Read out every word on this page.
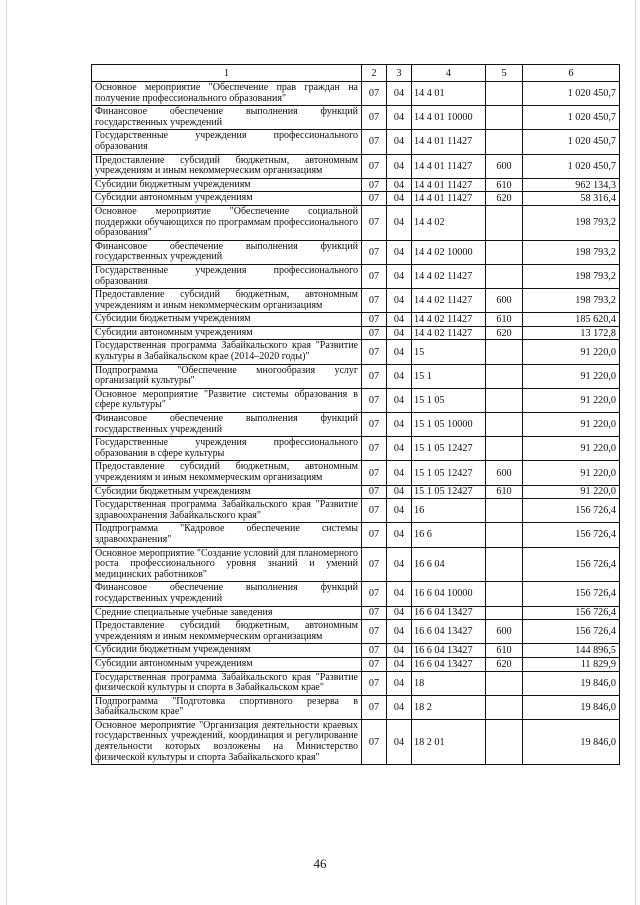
1	2	3	4	5	6
Основное мероприятие "Обеспечение прав граждан на получение профессионального образования"	07	04	14 4 01		1 020 450,7
Финансовое обеспечение выполнения функций государственных учреждений	07	04	14 4 01 10000		1 020 450,7
Государственные учреждения профессионального образования	07	04	14 4 01 11427		1 020 450,7
Предоставление субсидий бюджетным, автономным учреждениям и иным некоммерческим организациям	07	04	14 4 01 11427	600	1 020 450,7
Субсидии бюджетным учреждениям	07	04	14 4 01 11427	610	962 134,3
Субсидии автономным учреждениям	07	04	14 4 01 11427	620	58 316,4
Основное мероприятие "Обеспечение социальной поддержки обучающихся по программам профессионального образования"	07	04	14 4 02		198 793,2
Финансовое обеспечение выполнения функций государственных учреждений	07	04	14 4 02 10000		198 793,2
Государственные учреждения профессионального образования	07	04	14 4 02 11427		198 793,2
Предоставление субсидий бюджетным, автономным учреждениям и иным некоммерческим организациям	07	04	14 4 02 11427	600	198 793,2
Субсидии бюджетным учреждениям	07	04	14 4 02 11427	610	185 620,4
Субсидии автономным учреждениям	07	04	14 4 02 11427	620	13 172,8
Государственная программа Забайкальского края "Развитие культуры в Забайкальском крае (2014–2020 годы)"	07	04	15		91 220,0
Подпрограмма "Обеспечение многообразия услуг организаций культуры"	07	04	15 1		91 220,0
Основное мероприятие "Развитие системы образования в сфере культуры"	07	04	15 1 05		91 220,0
Финансовое обеспечение выполнения функций государственных учреждений	07	04	15 1 05 10000		91 220,0
Государственные учреждения профессионального образования в сфере культуры	07	04	15 1 05 12427		91 220,0
Предоставление субсидий бюджетным, автономным учреждениям и иным некоммерческим организациям	07	04	15 1 05 12427	600	91 220,0
Субсидии бюджетным учреждениям	07	04	15 1 05 12427	610	91 220,0
Государственная программа Забайкальского края "Развитие здравоохранения Забайкальского края"	07	04	16		156 726,4
Подпрограмма "Кадровое обеспечение системы здравоохранения"	07	04	16 6		156 726,4
Основное мероприятие "Создание условий для планомерного роста профессионального уровня знаний и умений медицинских работников"	07	04	16 6 04		156 726,4
Финансовое обеспечение выполнения функций государственных учреждений	07	04	16 6 04 10000		156 726,4
Средние специальные учебные заведения	07	04	16 6 04 13427		156 726,4
Предоставление субсидий бюджетным, автономным учреждениям и иным некоммерческим организациям	07	04	16 6 04 13427	600	156 726,4
Субсидии бюджетным учреждениям	07	04	16 6 04 13427	610	144 896,5
Субсидии автономным учреждениям	07	04	16 6 04 13427	620	11 829,9
Государственная программа Забайкальского края "Развитие физической культуры и спорта в Забайкальском крае"	07	04	18		19 846,0
Подпрограмма "Подготовка спортивного резерва в Забайкальском крае"	07	04	18 2		19 846,0
Основное мероприятие "Организация деятельности краевых государственных учреждений, координация и регулирование деятельности которых возложены на Министерство физической культуры и спорта Забайкальского края"	07	04	18 2 01		19 846,0
46
